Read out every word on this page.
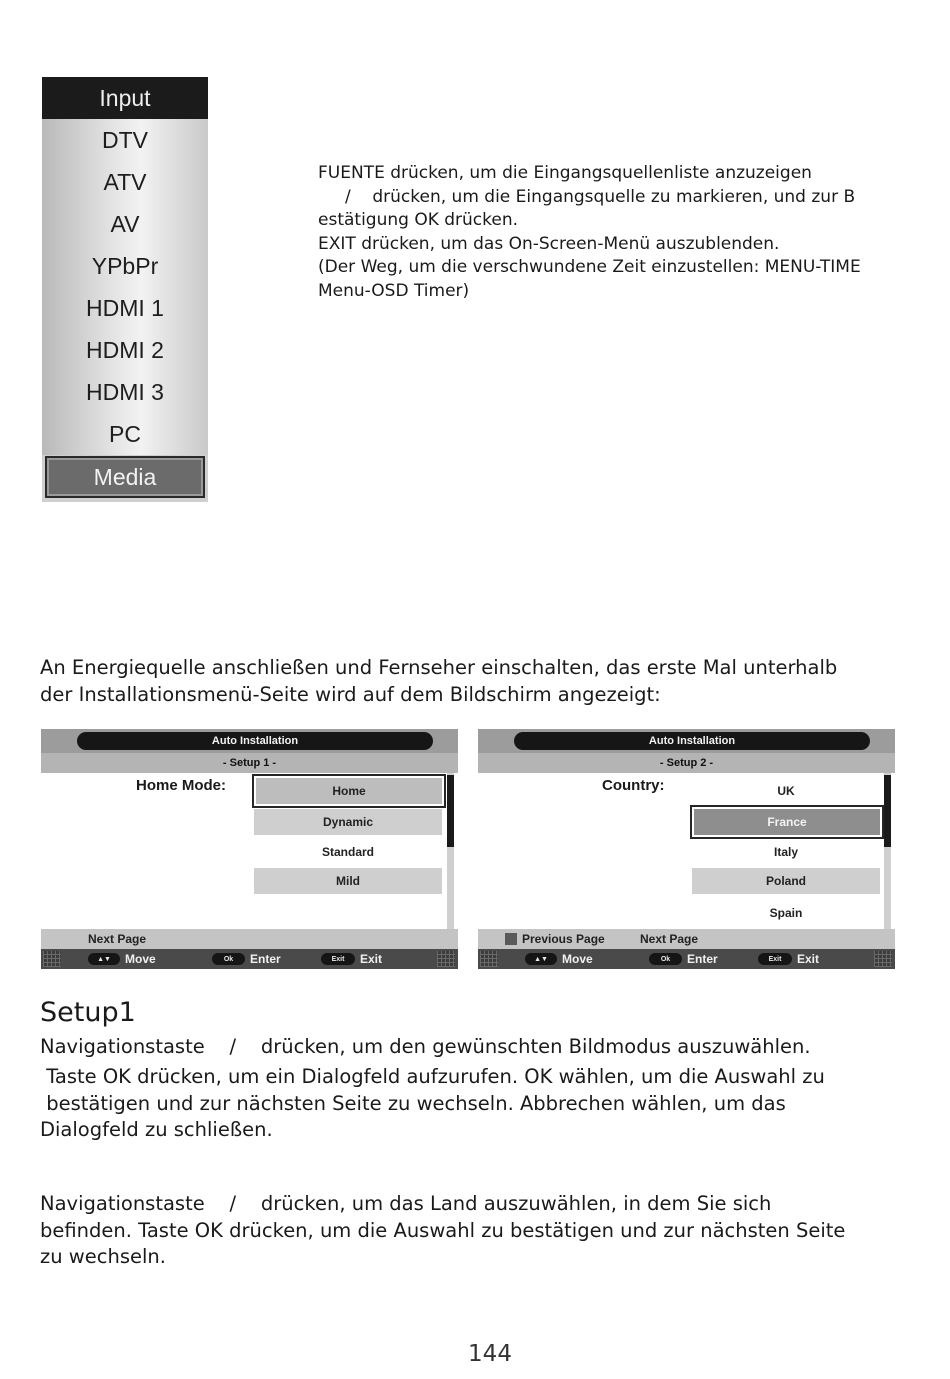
Input
DTV
ATV
AV
YPbPr
HDMI 1
HDMI 2
HDMI 3
PC
Media
FUENTE drücken, um die Eingangsquellenliste anzuzeigen
/    drücken, um die Eingangsquelle zu markieren, und zur B
estätigung OK drücken.
EXIT drücken, um das On-Screen-Menü auszublenden.
(Der Weg, um die verschwundene Zeit einzustellen: MENU-TIME
Menu-OSD Timer)
An Energiequelle anschließen und Fernseher einschalten, das erste Mal unterhalb
der Installationsmenü-Seite wird auf dem Bildschirm angezeigt:
Auto Installation
- Setup 1 -
Home Mode:	Home
Dynamic
Standard
Mild
Next Page
▲▼	Move	Ok	Enter	Exit	Exit
Auto Installation
- Setup 2 -
Country:	UK
France
Italy
Poland
Spain
Previous Page	Next Page
▲▼	Move	Ok	Enter	Exit	Exit
Setup1
Navigationstaste    /    drücken, um den gewünschten Bildmodus auszuwählen.
Taste OK drücken, um ein Dialogfeld aufzurufen. OK wählen, um die Auswahl zu
bestätigen und zur nächsten Seite zu wechseln. Abbrechen wählen, um das
Dialogfeld zu schließen.
Navigationstaste    /    drücken, um das Land auszuwählen, in dem Sie sich
befinden. Taste OK drücken, um die Auswahl zu bestätigen und zur nächsten Seite
zu wechseln.
144
